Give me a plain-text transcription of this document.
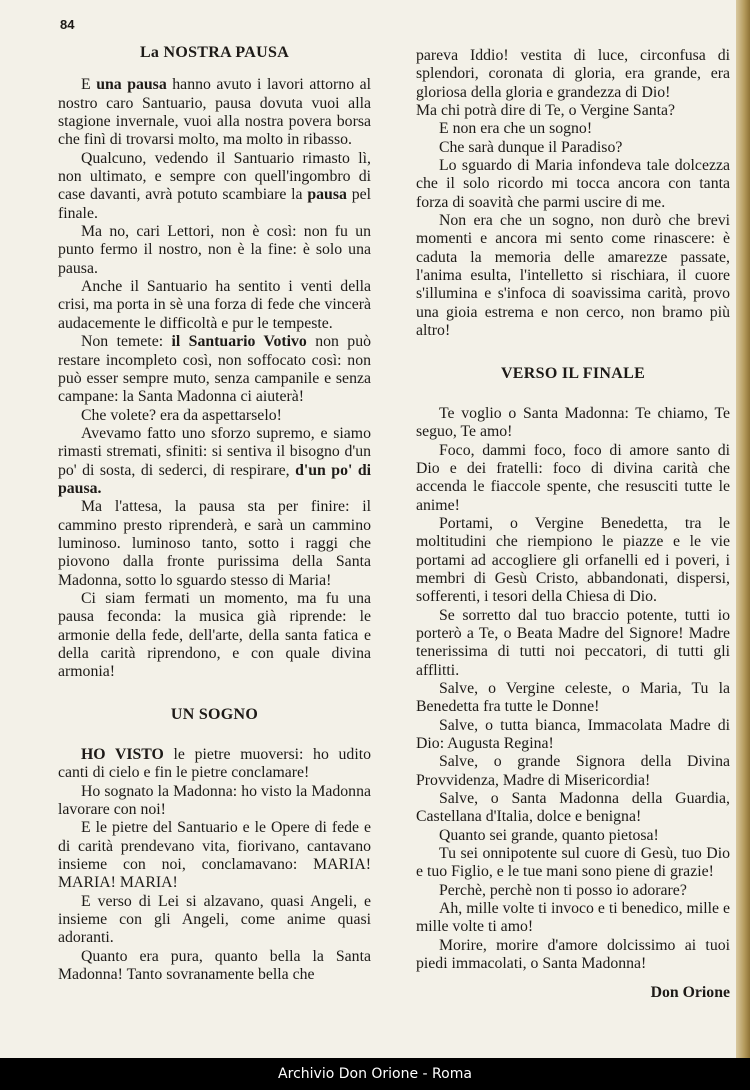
84
La NOSTRA PAUSA

E una pausa hanno avuto i lavori attorno al nostro caro Santuario, pausa dovuta vuoi alla stagione invernale, vuoi alla nostra povera borsa che finì di trovarsi molto, ma molto in ribasso.

Qualcuno, vedendo il Santuario rimasto lì, non ultimato, e sempre con quell'ingombro di case davanti, avrà potuto scambiare la pausa pel finale.

Ma no, cari Lettori, non è così: non fu un punto fermo il nostro, non è la fine: è solo una pausa.

Anche il Santuario ha sentito i venti della crisi, ma porta in sè una forza di fede che vincerà audacemente le difficoltà e pur le tempeste.

Non temete: il Santuario Votivo non può restare incompleto così, non soffocato così: non può esser sempre muto, senza campanile e senza campane: la Santa Madonna ci aiuterà!

Che volete? era da aspettarselo!

Avevamo fatto uno sforzo supremo, e siamo rimasti stremati, sfiniti: si sentiva il bisogno d'un po' di sosta, di sederci, di respirare, d'un po' di pausa.

Ma l'attesa, la pausa sta per finire: il cammino presto riprenderà, e sarà un cammino luminoso. luminoso tanto, sotto i raggi che piovono dalla fronte purissima della Santa Madonna, sotto lo sguardo stesso di Maria!

Ci siam fermati un momento, ma fu una pausa feconda: la musica già riprende: le armonie della fede, dell'arte, della santa fatica e della carità riprendono, e con quale divina armonia!

UN SOGNO

HO VISTO le pietre muoversi: ho udito canti di cielo e fin le pietre conclamare!

Ho sognato la Madonna: ho visto la Madonna lavorare con noi!

E le pietre del Santuario e le Opere di fede e di carità prendevano vita, fiorivano, cantavano insieme con noi, conclamavano: MARIA! MARIA! MARIA!

E verso di Lei si alzavano, quasi Angeli, e insieme con gli Angeli, come anime quasi adoranti.

Quanto era pura, quanto bella la Santa Madonna! Tanto sovranamente bella che

pareva Iddio! vestita di luce, circonfusa di splendori, coronata di gloria, era grande, era gloriosa della gloria e grandezza di Dio!

Ma chi potrà dire di Te, o Vergine Santa?

E non era che un sogno!

Che sarà dunque il Paradiso?

Lo sguardo di Maria infondeva tale dolcezza che il solo ricordo mi tocca ancora con tanta forza di soavità che parmi uscire di me.

Non era che un sogno, non durò che brevi momenti e ancora mi sento come rinascere: è caduta la memoria delle amarezze passate, l'anima esulta, l'intelletto si rischiara, il cuore s'illumina e s'infoca di soavissima carità, provo una gioia estrema e non cerco, non bramo più altro!

VERSO IL FINALE

Te voglio o Santa Madonna: Te chiamo, Te seguo, Te amo!

Foco, dammi foco, foco di amore santo di Dio e dei fratelli: foco di divina carità che accenda le fiaccole spente, che resusciti tutte le anime!

Portami, o Vergine Benedetta, tra le moltitudini che riempiono le piazze e le vie portami ad accogliere gli orfanelli ed i poveri, i membri di Gesù Cristo, abbandonati, dispersi, sofferenti, i tesori della Chiesa di Dio.

Se sorretto dal tuo braccio potente, tutti io porterò a Te, o Beata Madre del Signore! Madre tenerissima di tutti noi peccatori, di tutti gli afflitti.

Salve, o Vergine celeste, o Maria, Tu la Benedetta fra tutte le Donne!

Salve, o tutta bianca, Immacolata Madre di Dio: Augusta Regina!

Salve, o grande Signora della Divina Provvidenza, Madre di Misericordia!

Salve, o Santa Madonna della Guardia, Castellana d'Italia, dolce e benigna!

Quanto sei grande, quanto pietosa!

Tu sei onnipotente sul cuore di Gesù, tuo Dio e tuo Figlio, e le tue mani sono piene di grazie!

Perchè, perchè non ti posso io adorare?

Ah, mille volte ti invoco e ti benedico, mille e mille volte ti amo!

Morire, morire d'amore dolcissimo ai tuoi piedi immacolati, o Santa Madonna!

Don Orione
Archivio Don Orione - Roma
